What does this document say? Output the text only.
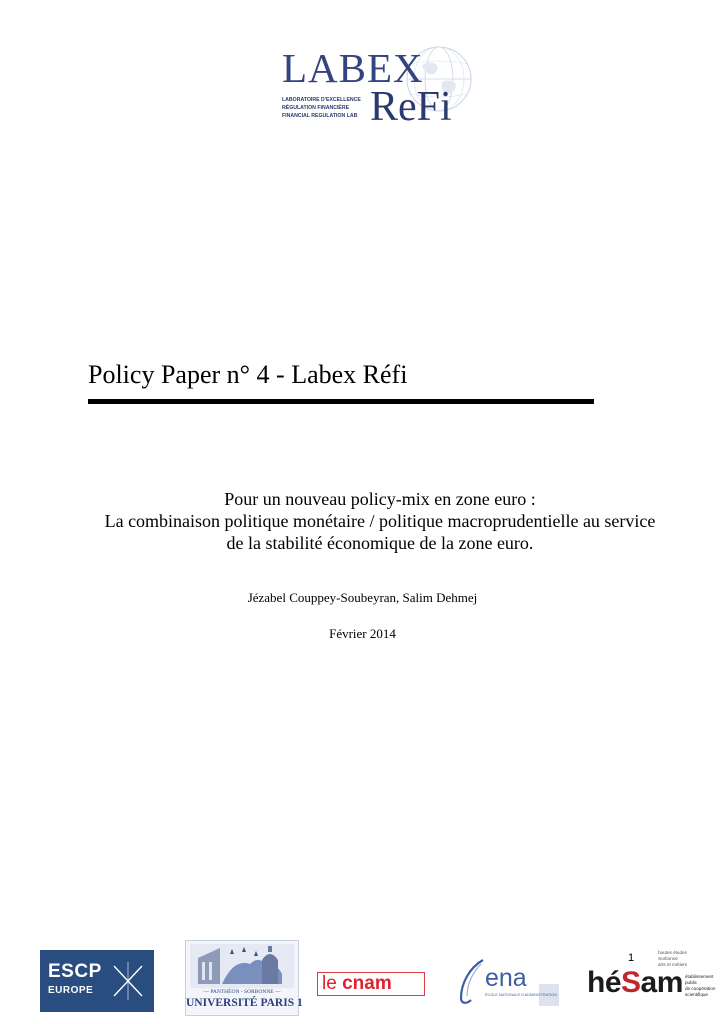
LABEX
LABORATOIRE D'EXCELLENCE
RÉGULATION FINANCIÈRE
FINANCIAL REGULATION LAB ReFi
Policy Paper n° 4 - Labex Réfi
Pour un nouveau policy-mix en zone euro :
La combinaison politique monétaire / politique macroprudentielle au service
de la stabilité économique de la zone euro.
Jézabel Couppey-Soubeyran, Salim Dehmej
Février 2014
1
ESCP
EUROPE	— PANTHÉON - SORBONNE —
UNIVERSITÉ PARIS 1
le cnam	ena
ÉCOLE NATIONALE D'ADMINISTRATION
hautes études
Sorbonne
arts et métiers
héSam établissement
public
de coopération
scientifique
